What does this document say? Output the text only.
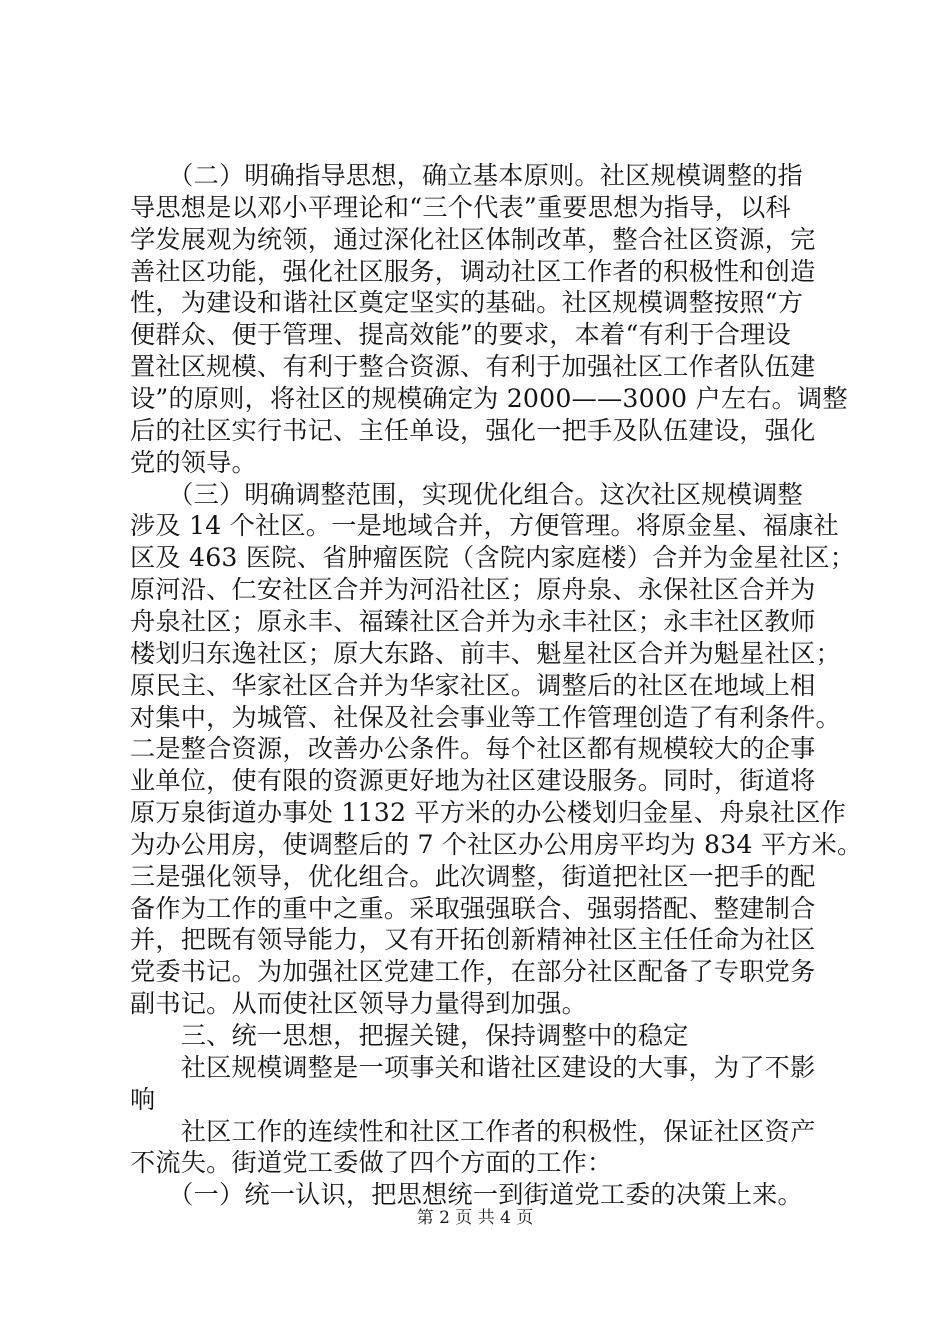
　　（二）明确指导思想，确立基本原则。社区规模调整的指
导思想是以邓小平理论和“三个代表”重要思想为指导，以科
学发展观为统领，通过深化社区体制改革，整合社区资源，完
善社区功能，强化社区服务，调动社区工作者的积极性和创造
性，为建设和谐社区奠定坚实的基础。社区规模调整按照“方
便群众、便于管理、提高效能”的要求，本着“有利于合理设
置社区规模、有利于整合资源、有利于加强社区工作者队伍建
设”的原则，将社区的规模确定为 2000——3000 户左右。调整
后的社区实行书记、主任单设，强化一把手及队伍建设，强化
党的领导。
　　（三）明确调整范围，实现优化组合。这次社区规模调整
涉及 14 个社区。一是地域合并，方便管理。将原金星、福康社
区及 463 医院、省肿瘤医院（含院内家庭楼）合并为金星社区；
原河沿、仁安社区合并为河沿社区；原舟泉、永保社区合并为
舟泉社区；原永丰、福臻社区合并为永丰社区；永丰社区教师
楼划归东逸社区；原大东路、前丰、魁星社区合并为魁星社区；
原民主、华家社区合并为华家社区。调整后的社区在地域上相
对集中，为城管、社保及社会事业等工作管理创造了有利条件。
二是整合资源，改善办公条件。每个社区都有规模较大的企事
业单位，使有限的资源更好地为社区建设服务。同时，街道将
原万泉街道办事处 1132 平方米的办公楼划归金星、舟泉社区作
为办公用房，使调整后的 7 个社区办公用房平均为 834 平方米。
三是强化领导，优化组合。此次调整，街道把社区一把手的配
备作为工作的重中之重。采取强强联合、强弱搭配、整建制合
并，把既有领导能力，又有开拓创新精神社区主任任命为社区
党委书记。为加强社区党建工作，在部分社区配备了专职党务
副书记。从而使社区领导力量得到加强。
　　三、统一思想，把握关键，保持调整中的稳定
　　社区规模调整是一项事关和谐社区建设的大事，为了不影
响
　　社区工作的连续性和社区工作者的积极性，保证社区资产
不流失。街道党工委做了四个方面的工作：
　　（一）统一认识，把思想统一到街道党工委的决策上来。
第 2 页 共 4 页
